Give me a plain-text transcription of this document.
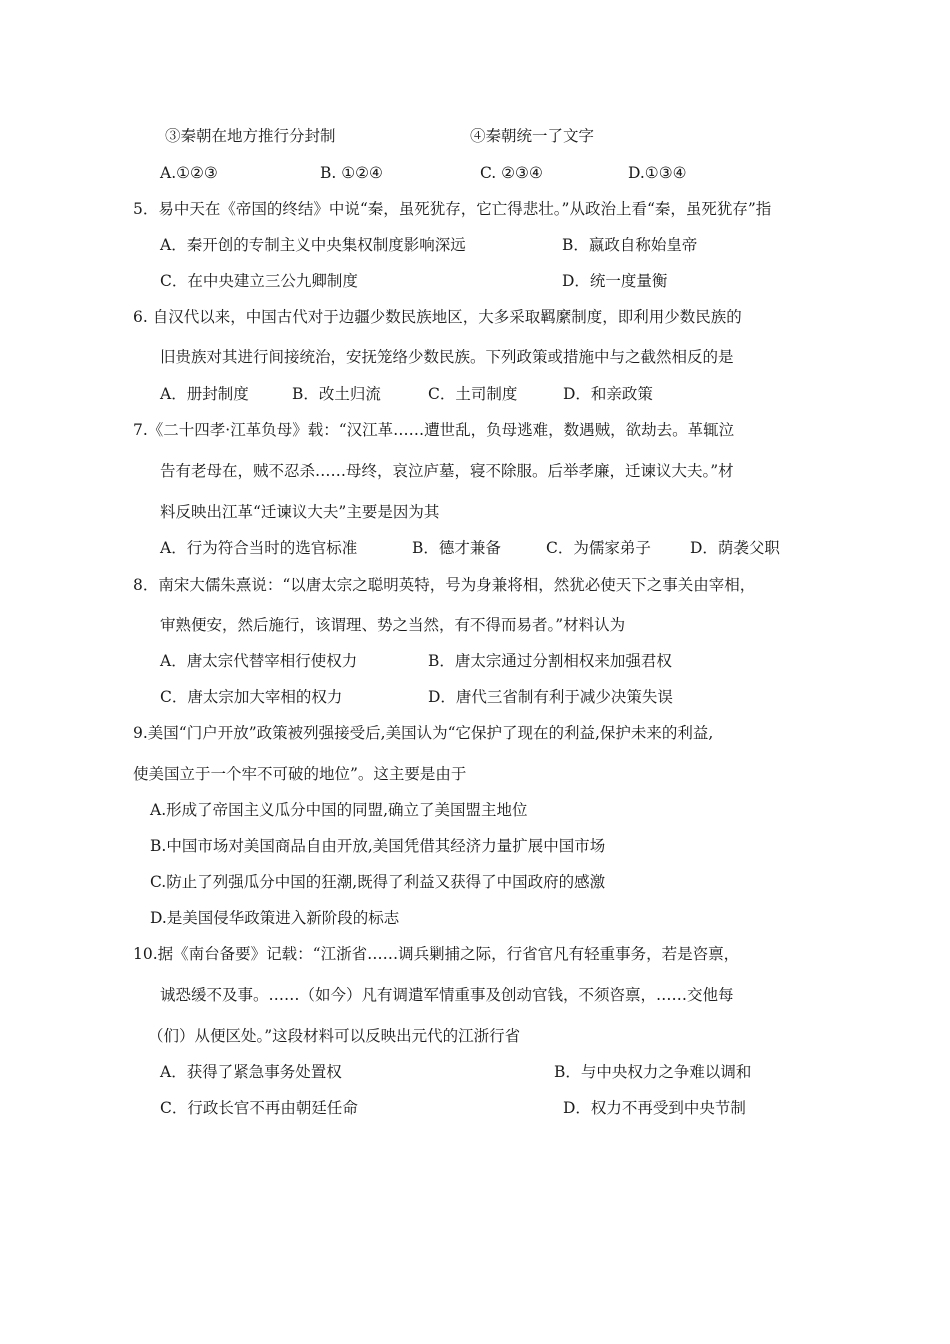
③秦朝在地方推行分封制	④秦朝统一了文字
A.①②③	B. ①②④	C. ②③④	D.①③④
5．易中天在《帝国的终结》中说“秦，虽死犹存，它亡得悲壮。”从政治上看“秦，虽死犹存”指
A．秦开创的专制主义中央集权制度影响深远	B．嬴政自称始皇帝
C．在中央建立三公九卿制度	D．统一度量衡
6. 自汉代以来，中国古代对于边疆少数民族地区，大多采取羁縻制度，即利用少数民族的
旧贵族对其进行间接统治，安抚笼络少数民族。下列政策或措施中与之截然相反的是
A．册封制度	B．改土归流	C．土司制度	D．和亲政策
7.《二十四孝·江革负母》载：“汉江革……遭世乱，负母逃难，数遇贼，欲劫去。革辄泣
告有老母在，贼不忍杀……母终，哀泣庐墓，寝不除服。后举孝廉，迁谏议大夫。”材
料反映出江革“迁谏议大夫”主要是因为其
A．行为符合当时的选官标准	B．德才兼备	C．为儒家弟子	D．荫袭父职
8．南宋大儒朱熹说：“以唐太宗之聪明英特，号为身兼将相，然犹必使天下之事关由宰相，
审熟便安，然后施行，该谓理、势之当然，有不得而易者。”材料认为
A．唐太宗代替宰相行使权力	B．唐太宗通过分割相权来加强君权
C．唐太宗加大宰相的权力	D．唐代三省制有利于减少决策失误
9.美国“门户开放”政策被列强接受后,美国认为“它保护了现在的利益,保护未来的利益,
使美国立于一个牢不可破的地位”。这主要是由于
A.形成了帝国主义瓜分中国的同盟,确立了美国盟主地位
B.中国市场对美国商品自由开放,美国凭借其经济力量扩展中国市场
C.防止了列强瓜分中国的狂潮,既得了利益又获得了中国政府的感激
D.是美国侵华政策进入新阶段的标志
10.据《南台备要》记载：“江浙省……调兵剿捕之际，行省官凡有轻重事务，若是咨禀，
诚恐缓不及事。……（如今）凡有调遣军情重事及创动官钱，不须咨禀，……交他每
（们）从便区处。”这段材料可以反映出元代的江浙行省
A．获得了紧急事务处置权	B．与中央权力之争难以调和
C．行政长官不再由朝廷任命	D．权力不再受到中央节制
